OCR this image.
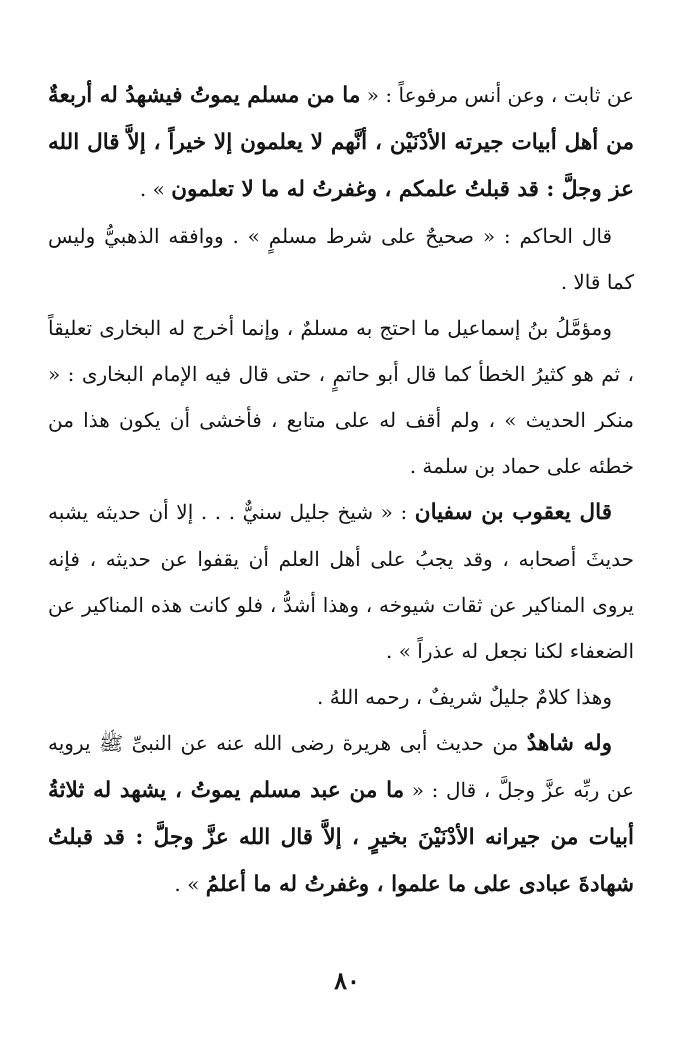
عن ثابت ، وعن أنس مرفوعاً : « ما من مسلم يموتُ فيشهدُ له أربعةٌ من أهل أبيات جيرته الأدْنَيْن ، أنَّهم لا يعلمون إلا خيراً ، إلاَّ قال الله عز وجلَّ : قد قبلتُ علمكم ، وغفرتُ له ما لا تعلمون » .

قال الحاكم : « صحيحٌ على شرط مسلمٍ » . ووافقه الذهبيُّ وليس كما قالا .

ومؤمَّلُ بنُ إسماعيل ما احتج به مسلمٌ ، وإنما أخرج له البخارى تعليقاً ، ثم هو كثيرُ الخطأ كما قال أبو حاتمٍ ، حتى قال فيه الإمام البخارى : « منكر الحديث » ، ولم أقف له على متابع ، فأخشى أن يكون هذا من خطئه على حماد بن سلمة .

قال يعقوب بن سفيان : « شيخ جليل سنيٌّ . . . إلا أن حديثه يشبه حديثَ أصحابه ، وقد يجبُ على أهل العلم أن يقفوا عن حديثه ، فإنه يروى المناكير عن ثقات شيوخه ، وهذا أشدُّ ، فلو كانت هذه المناكير عن الضعفاء لكنا نجعل له عذراً » .

وهذا كلامٌ جليلٌ شريفٌ ، رحمه اللهُ .

وله شاهدٌ من حديث أبى هريرة رضى الله عنه عن النبىِّ ﷺ يرويه عن ربِّه عزَّ وجلَّ ، قال : « ما من عبد مسلم يموتُ ، يشهد له ثلاثةُ أبيات من جيرانه الأدْنَيْنَ بخيرٍ ، إلاَّ قال الله عزَّ وجلَّ : قد قبلتُ شهادةَ عبادى على ما علموا ، وغفرتُ له ما أعلمُ » .

٨٠
